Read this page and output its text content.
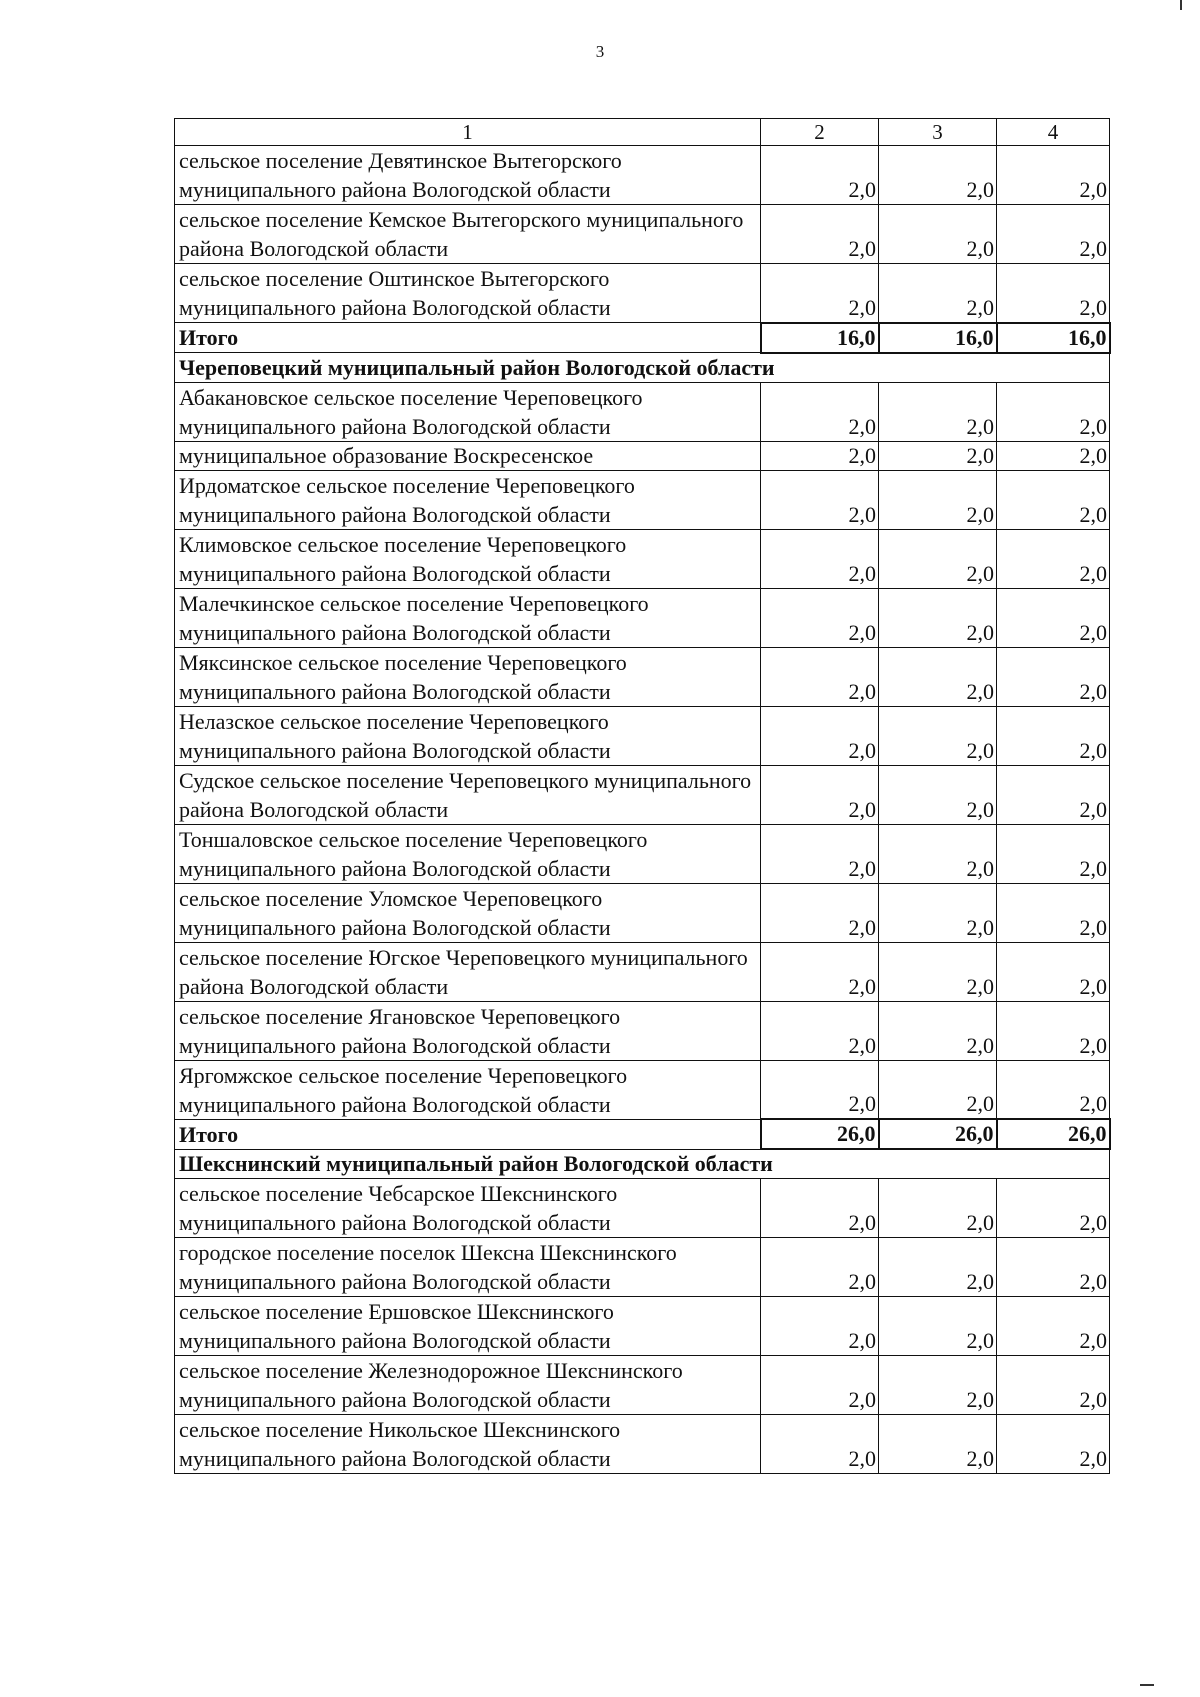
3
1	2	3	4
сельское поселение Девятинское Вытегорского муниципального района Вологодской области	2,0	2,0	2,0
сельское поселение Кемское Вытегорского муниципального района Вологодской области	2,0	2,0	2,0
сельское поселение Оштинское Вытегорского муниципального района Вологодской области	2,0	2,0	2,0
Итого	16,0	16,0	16,0
Череповецкий муниципальный район Вологодской области			
Абакановское сельское поселение Череповецкого муниципального района Вологодской области	2,0	2,0	2,0
муниципальное образование Воскресенское	2,0	2,0	2,0
Ирдоматское сельское поселение Череповецкого муниципального района Вологодской области	2,0	2,0	2,0
Климовское сельское поселение Череповецкого муниципального района Вологодской области	2,0	2,0	2,0
Малечкинское сельское поселение Череповецкого муниципального района Вологодской области	2,0	2,0	2,0
Мяксинское сельское поселение Череповецкого муниципального района Вологодской области	2,0	2,0	2,0
Нелазское сельское поселение Череповецкого муниципального района Вологодской области	2,0	2,0	2,0
Судское сельское поселение Череповецкого муниципального района Вологодской области	2,0	2,0	2,0
Тоншаловское сельское поселение Череповецкого муниципального района Вологодской области	2,0	2,0	2,0
сельское поселение Уломское Череповецкого муниципального района Вологодской области	2,0	2,0	2,0
сельское поселение Югское Череповецкого муниципального района Вологодской области	2,0	2,0	2,0
сельское поселение Ягановское Череповецкого муниципального района Вологодской области	2,0	2,0	2,0
Яргомжское сельское поселение Череповецкого муниципального района Вологодской области	2,0	2,0	2,0
Итого	26,0	26,0	26,0
Шекснинский муниципальный район Вологодской области			
сельское поселение Чебсарское Шекснинского муниципального района Вологодской области	2,0	2,0	2,0
городское поселение поселок Шексна Шекснинского муниципального района Вологодской области	2,0	2,0	2,0
сельское поселение Ершовское Шекснинского муниципального района Вологодской области	2,0	2,0	2,0
сельское поселение Железнодорожное Шекснинского муниципального района Вологодской области	2,0	2,0	2,0
сельское поселение Никольское Шекснинского муниципального района Вологодской области	2,0	2,0	2,0
